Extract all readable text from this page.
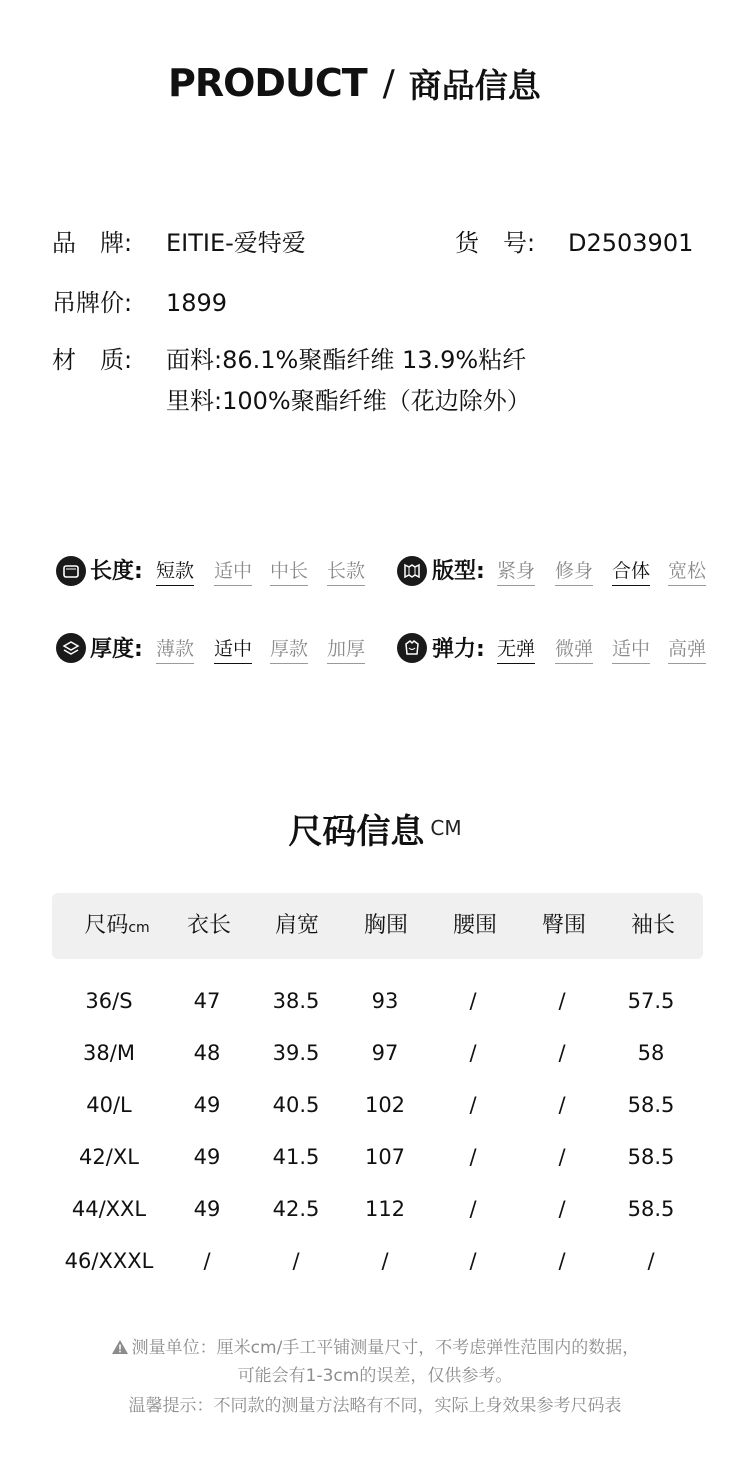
PRODUCT / 商品信息
品　牌: EITIE-爱特爱	货　号: D2503901
吊牌价: 1899
材　质: 面料:86.1%聚酯纤维 13.9%粘纤
里料:100%聚酯纤维（花边除外）
长度: 短款 适中 中长 长款	版型: 紧身 修身 合体 宽松
厚度: 薄款 适中 厚款 加厚	弹力: 无弹 微弹 适中 高弹
尺码信息 CM
尺码cm	衣长	肩宽	胸围	腰围	臀围	袖长
36/S	47	38.5	93	/	/	57.5
38/M	48	39.5	97	/	/	58
40/L	49	40.5	102	/	/	58.5
42/XL	49	41.5	107	/	/	58.5
44/XXL	49	42.5	112	/	/	58.5
46/XXXL	/	/	/	/	/	/
测量单位：厘米cm/手工平铺测量尺寸，不考虑弹性范围内的数据，
可能会有1-3cm的误差，仅供参考。
温馨提示：不同款的测量方法略有不同，实际上身效果参考尺码表
